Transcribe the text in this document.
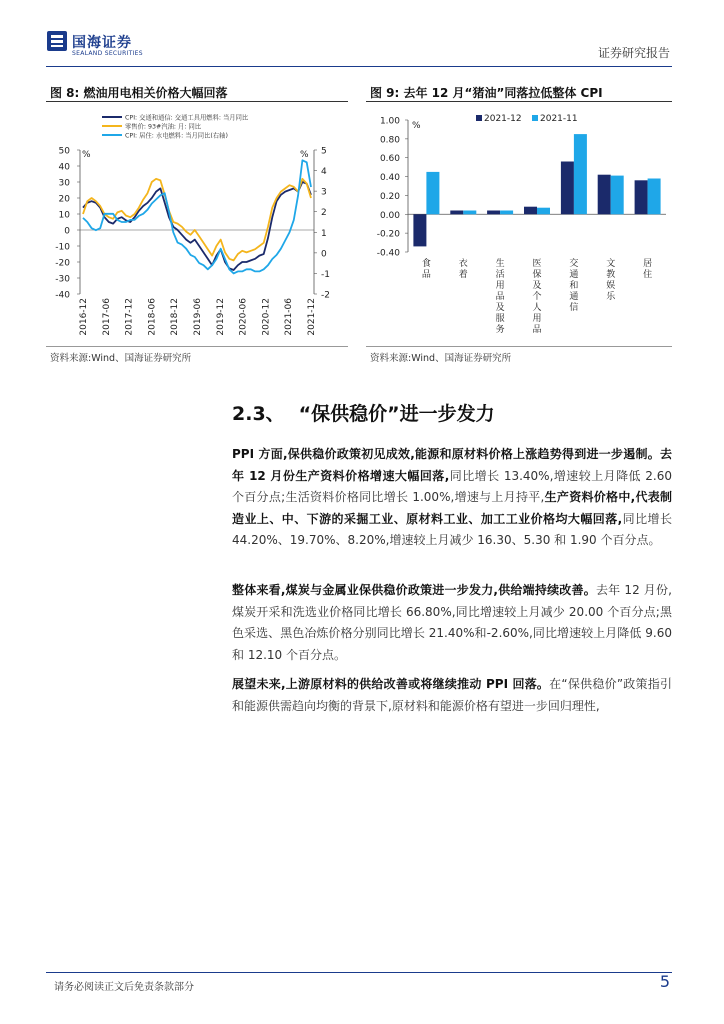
国海证券
SEALAND SECURITIES	证券研究报告
图 8: 燃油用电相关价格大幅回落	图 9: 去年 12 月“猪油”同落拉低整体 CPI
CPI: 交通和通信: 交通工具用燃料: 当月同比
零售价: 93#汽油: 月: 同比
CPI: 居住: 水电燃料: 当月同比(右轴)
50
40
30
20
10
0
-10
-20
-30
-40
5
4
3
2
1
0
-1
-2
%	%
2016-12 2017-06 2017-12 2018-06 2018-12 2019-06 2019-12 2020-06 2020-12 2021-06 2021-12
2021-12 2021-11
1.00
0.80
0.60
0.40
0.20
0.00
-0.20
-0.40
%
食品
衣着
生活用品及服务
医保及个人用品
交通和通信
文教娱乐
居住
资料来源:Wind、国海证券研究所	资料来源:Wind、国海证券研究所
2.3、 “保供稳价”进一步发力
PPI 方面,保供稳价政策初见成效,能源和原材料价格上涨趋势得到进一步遏制。去年 12 月份生产资料价格增速大幅回落,同比增长 13.40%,增速较上月降低 2.60 个百分点;生活资料价格同比增长 1.00%,增速与上月持平,生产资料价格中,代表制造业上、中、下游的采掘工业、原材料工业、加工工业价格均大幅回落,同比增长 44.20%、19.70%、8.20%,增速较上月减少 16.30、5.30 和 1.90 个百分点。
整体来看,煤炭与金属业保供稳价政策进一步发力,供给端持续改善。去年 12 月份,煤炭开采和洗选业价格同比增长 66.80%,同比增速较上月减少 20.00 个百分点;黑色采选、黑色冶炼价格分别同比增长 21.40%和-2.60%,同比增速较上月降低 9.60 和 12.10 个百分点。
展望未来,上游原材料的供给改善或将继续推动 PPI 回落。在“保供稳价”政策指引和能源供需趋向均衡的背景下,原材料和能源价格有望进一步回归理性,
请务必阅读正文后免责条款部分	5
